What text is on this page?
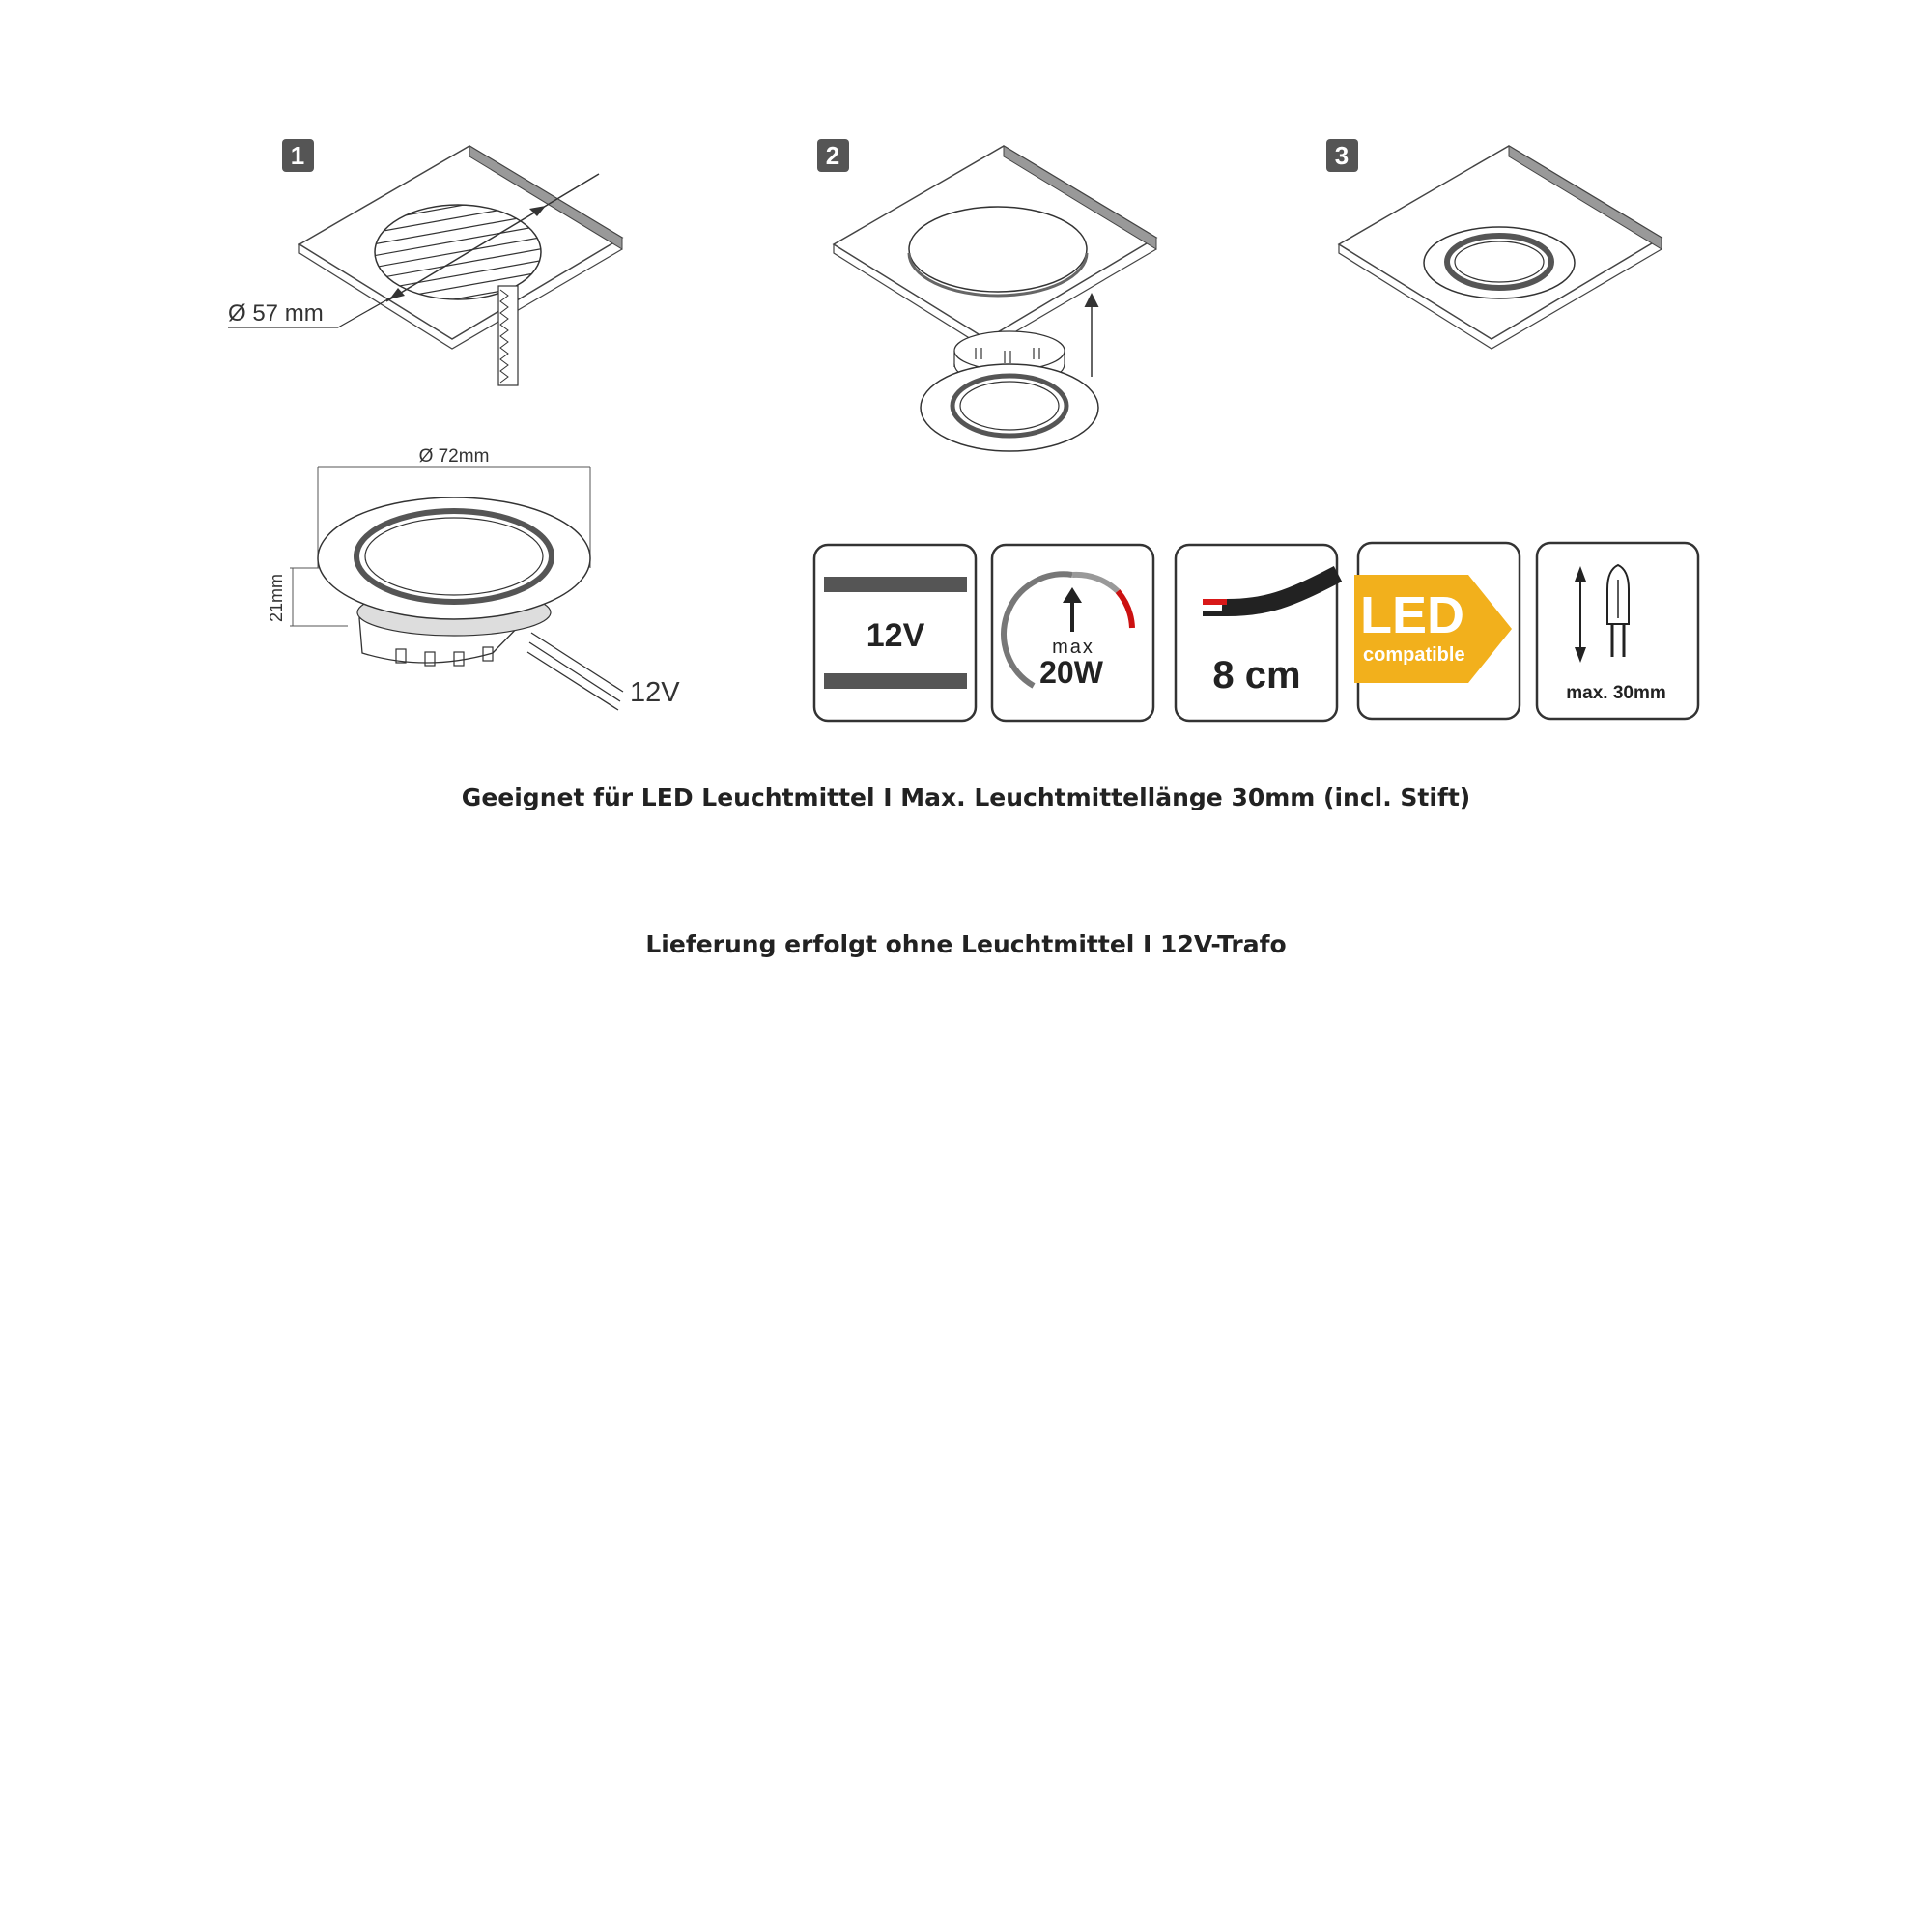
1
Ø 57 mm
2	3
Ø 72mm
21mm
12V
12V	max
20W	8 cm
LED
compatible
max. 30mm
Geeignet für LED Leuchtmittel I Max. Leuchtmittellänge 30mm (incl. Stift)
Lieferung erfolgt ohne Leuchtmittel I 12V-Trafo
